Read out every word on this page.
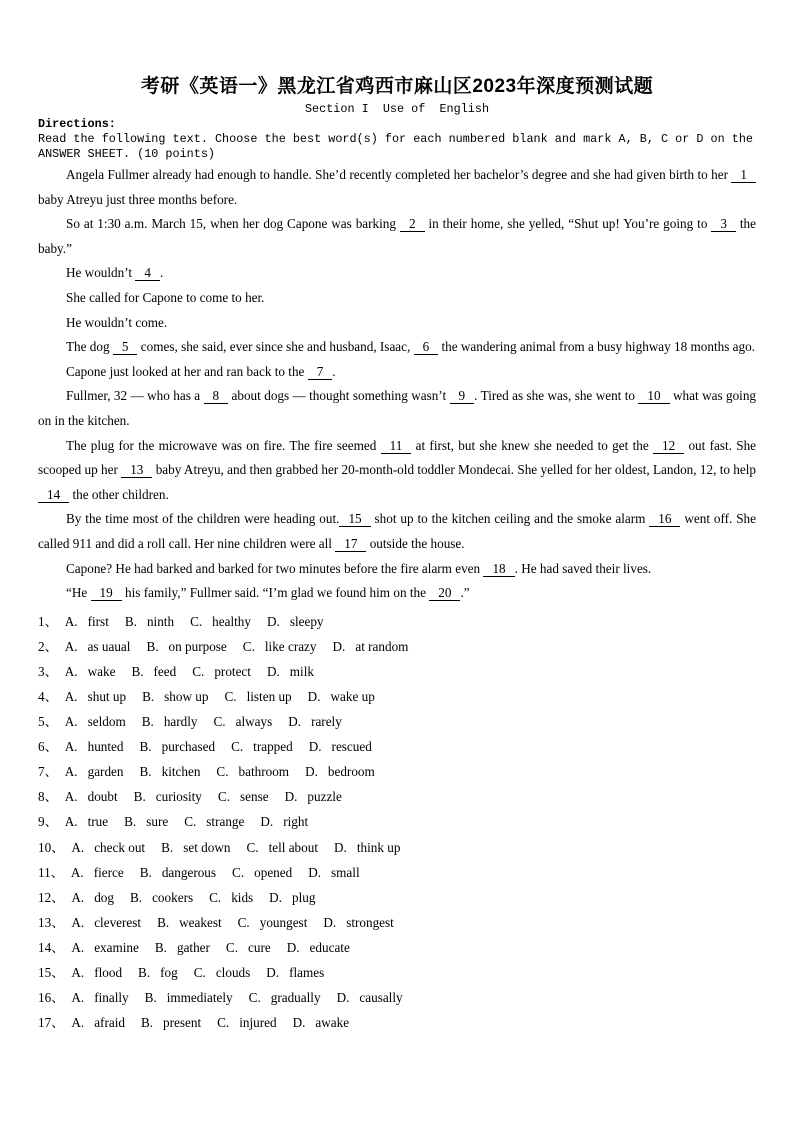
考研《英语一》黑龙江省鸡西市麻山区2023年深度预测试题
Section I  Use of  English
Directions:
Read the following text. Choose the best word(s) for each numbered blank and mark A, B, C or D on the
ANSWER SHEET. (10 points)

Angela Fullmer already had enough to handle. She’d recently completed her bachelor’s degree and she had given birth to her 1 baby Atreyu just three months before.

So at 1:30 a.m. March 15, when her dog Capone was barking 2 in their home, she yelled, “Shut up! You’re going to 3 the baby.”

He wouldn’t 4 .

She called for Capone to come to her.

He wouldn’t come.

The dog 5 comes, she said, ever since she and husband, Isaac, 6 the wandering animal from a busy highway 18 months ago.

Capone just looked at her and ran back to the 7 .

Fullmer, 32 — who has a 8 about dogs — thought something wasn’t 9 . Tired as she was, she went to 10 what was going on in the kitchen.

The plug for the microwave was on fire. The fire seemed 11 at first, but she knew she needed to get the 12 out fast. She scooped up her 13 baby Atreyu, and then grabbed her 20-month-old toddler Mondecai. She yelled for her oldest, Landon, 12, to help 14 the other children.

By the time most of the children were heading out. 15 shot up to the kitchen ceiling and the smoke alarm 16 went off. She called 911 and did a roll call. Her nine children were all 17 outside the house.

Capone? He had barked and barked for two minutes before the fire alarm even 18 . He had saved their lives.

“He 19 his family,” Fullmer said. “I’m glad we found him on the 20 .”

1、 A. first B. ninth C. healthy D. sleepy
2、 A. as uaual B. on purpose C. like crazy D. at random
3、 A. wake B. feed C. protect D. milk
4、 A. shut up B. show up C. listen up D. wake up
5、 A. seldom B. hardly C. always D. rarely
6、 A. hunted B. purchased C. trapped D. rescued
7、 A. garden B. kitchen C. bathroom D. bedroom
8、 A. doubt B. curiosity C. sense D. puzzle
9、 A. true B. sure C. strange D. right
10、 A. check out B. set down C. tell about D. think up
11、 A. fierce B. dangerous C. opened D. small
12、 A. dog B. cookers C. kids D. plug
13、 A. cleverest B. weakest C. youngest D. strongest
14、 A. examine B. gather C. cure D. educate
15、 A. flood B. fog C. clouds D. flames
16、 A. finally B. immediately C. gradually D. causally
17、 A. afraid B. present C. injured D. awake
